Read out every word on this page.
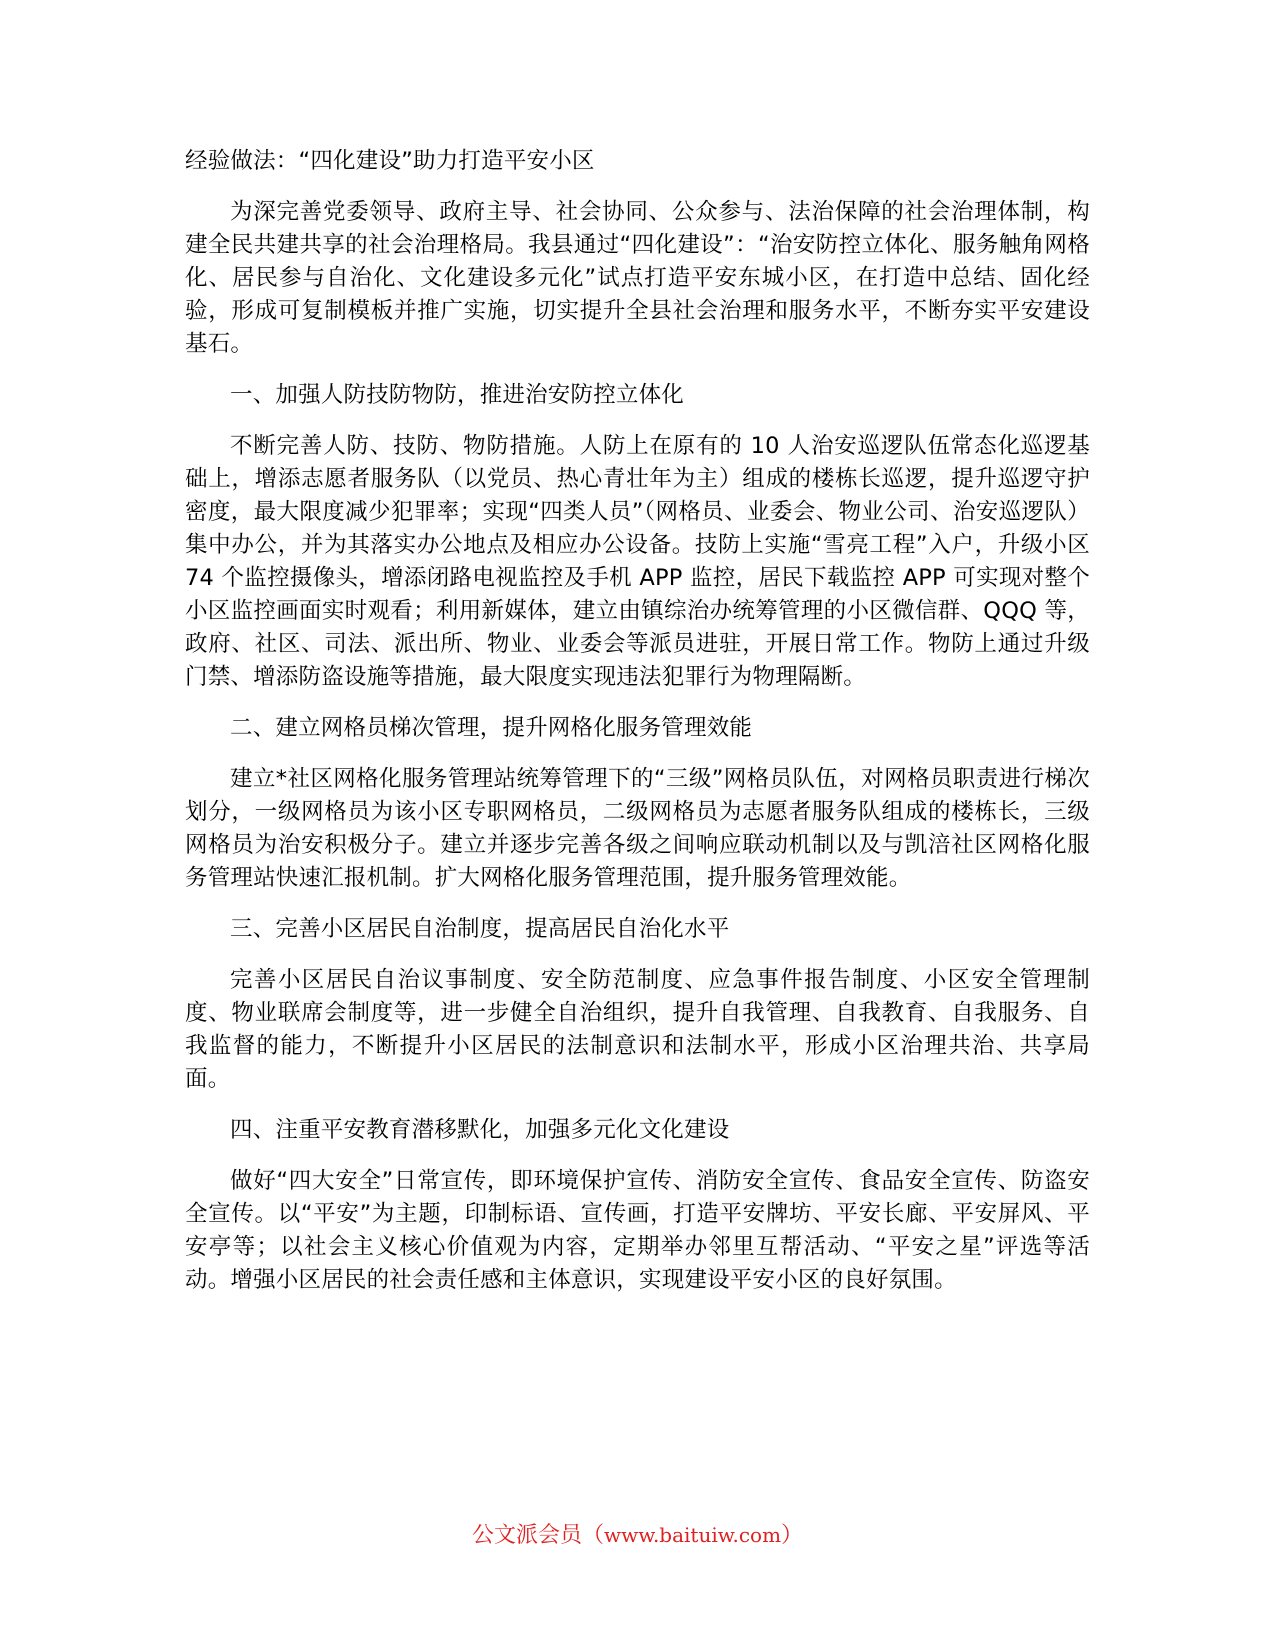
经验做法：“四化建设”助力打造平安小区
为深完善党委领导、政府主导、社会协同、公众参与、法治保障的社会治理体制，构建全民共建共享的社会治理格局。我县通过“四化建设”：“治安防控立体化、服务触角网格化、居民参与自治化、文化建设多元化”试点打造平安东城小区，在打造中总结、固化经验，形成可复制模板并推广实施，切实提升全县社会治理和服务水平，不断夯实平安建设基石。
一、加强人防技防物防，推进治安防控立体化
不断完善人防、技防、物防措施。人防上在原有的 10 人治安巡逻队伍常态化巡逻基础上，增添志愿者服务队（以党员、热心青壮年为主）组成的楼栋长巡逻，提升巡逻守护密度，最大限度减少犯罪率；实现“四类人员”（网格员、业委会、物业公司、治安巡逻队）集中办公，并为其落实办公地点及相应办公设备。技防上实施“雪亮工程”入户，升级小区 74 个监控摄像头，增添闭路电视监控及手机 APP 监控，居民下载监控 APP 可实现对整个小区监控画面实时观看；利用新媒体，建立由镇综治办统筹管理的小区微信群、QQQ 等，政府、社区、司法、派出所、物业、业委会等派员进驻，开展日常工作。物防上通过升级门禁、增添防盗设施等措施，最大限度实现违法犯罪行为物理隔断。
二、建立网格员梯次管理，提升网格化服务管理效能
建立*社区网格化服务管理站统筹管理下的“三级”网格员队伍，对网格员职责进行梯次划分，一级网格员为该小区专职网格员，二级网格员为志愿者服务队组成的楼栋长，三级网格员为治安积极分子。建立并逐步完善各级之间响应联动机制以及与凯涪社区网格化服务管理站快速汇报机制。扩大网格化服务管理范围，提升服务管理效能。
三、完善小区居民自治制度，提高居民自治化水平
完善小区居民自治议事制度、安全防范制度、应急事件报告制度、小区安全管理制度、物业联席会制度等，进一步健全自治组织，提升自我管理、自我教育、自我服务、自我监督的能力，不断提升小区居民的法制意识和法制水平，形成小区治理共治、共享局面。
四、注重平安教育潜移默化，加强多元化文化建设
做好“四大安全”日常宣传，即环境保护宣传、消防安全宣传、食品安全宣传、防盗安全宣传。以“平安”为主题，印制标语、宣传画，打造平安牌坊、平安长廊、平安屏风、平安亭等；以社会主义核心价值观为内容，定期举办邻里互帮活动、“平安之星”评选等活动。增强小区居民的社会责任感和主体意识，实现建设平安小区的良好氛围。
公文派会员（www.baituiw.com）
